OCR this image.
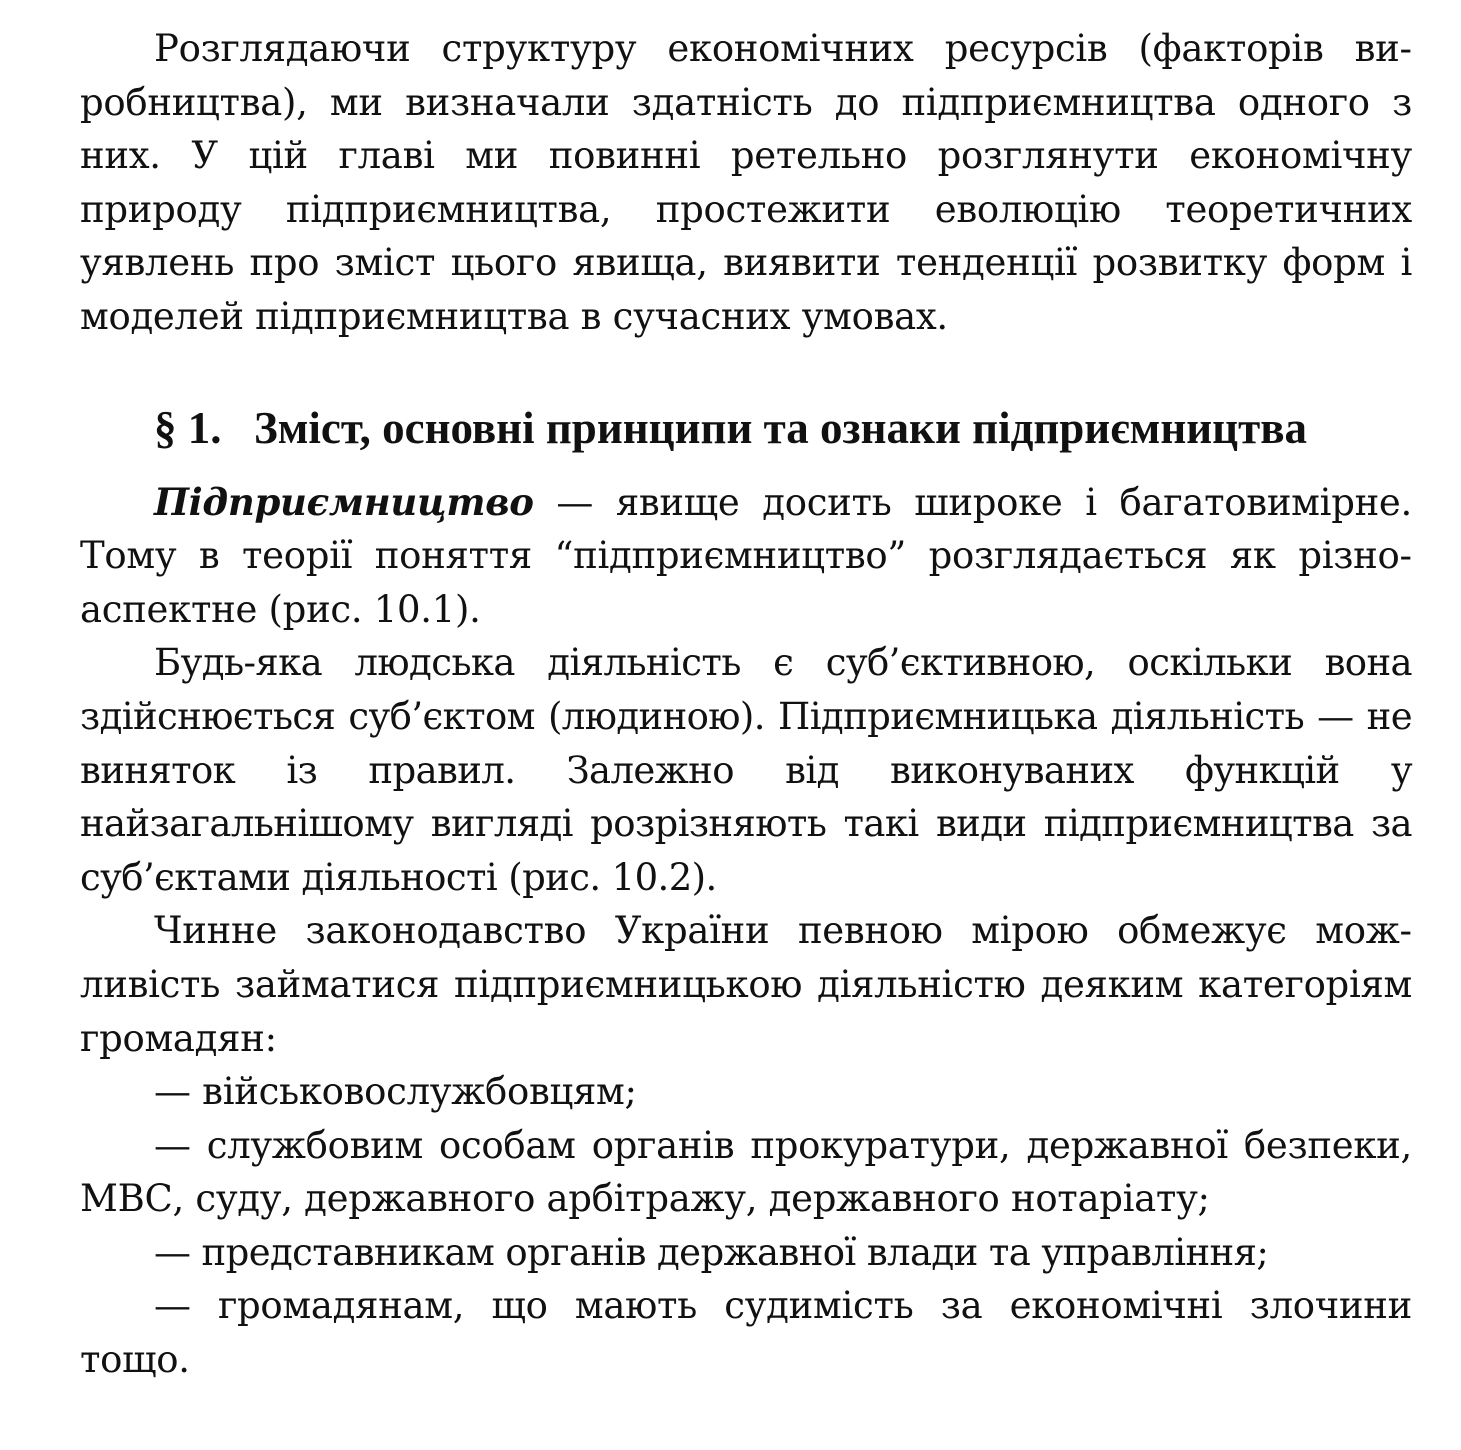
Розглядаючи структуру економічних ресурсів (факторів виробництва), ми визначали здатність до підприємництва одного з них. У цій главі ми повинні ретельно розглянути економічну природу підприємництва, простежити еволюцію теоретичних уявлень про зміст цього явища, виявити тенденції розвитку форм і моделей підприємництва в сучасних умовах.

§ 1. Зміст, основні принципи та ознаки підприємництва

Підприємництво — явище досить широке і багатовимірне. Тому в теорії поняття “підприємництво” розглядається як різноаспектне (рис. 10.1).

Будь-яка людська діяльність є суб’єктивною, оскільки вона здійснюється суб’єктом (людиною). Підприємницька діяльність — не виняток із правил. Залежно від виконуваних функцій у найзагальнішому вигляді розрізняють такі види підприємництва за суб’єктами діяльності (рис. 10.2).

Чинне законодавство України певною мірою обмежує можливість займатися підприємницькою діяльністю деяким категоріям громадян:

— військовослужбовцям;

— службовим особам органів прокуратури, державної безпеки, МВС, суду, державного арбітражу, державного нотаріату;

— представникам органів державної влади та управління;

— громадянам, що мають судимість за економічні злочини тощо.
